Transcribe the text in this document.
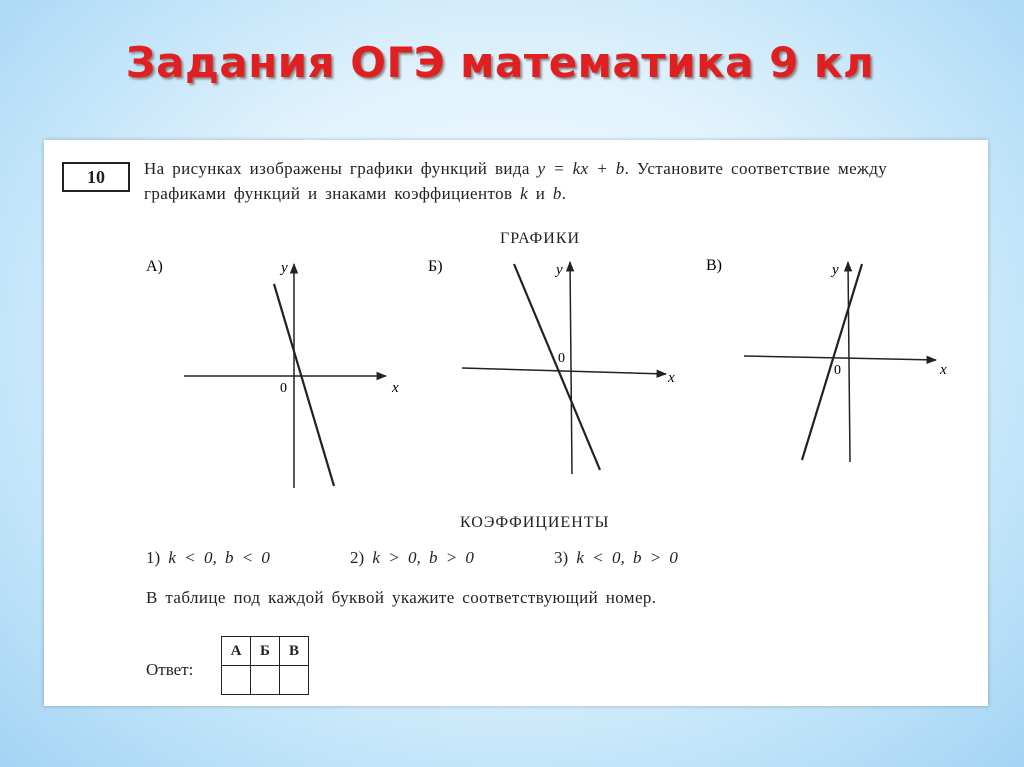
Задания ОГЭ математика 9 кл
10	На рисунках изображены графики функций вида y = kx + b. Установите соответствие между графиками функций и знаками коэффициентов k и b.
ГРАФИКИ
А)	y
x
0
Б)	y
x
0
В)	y
x
0
КОЭФФИЦИЕНТЫ
1) k < 0, b < 0	2) k > 0, b > 0	3) k < 0, b > 0
В таблице под каждой буквой укажите соответствующий номер.
Ответ:
А	Б	В
